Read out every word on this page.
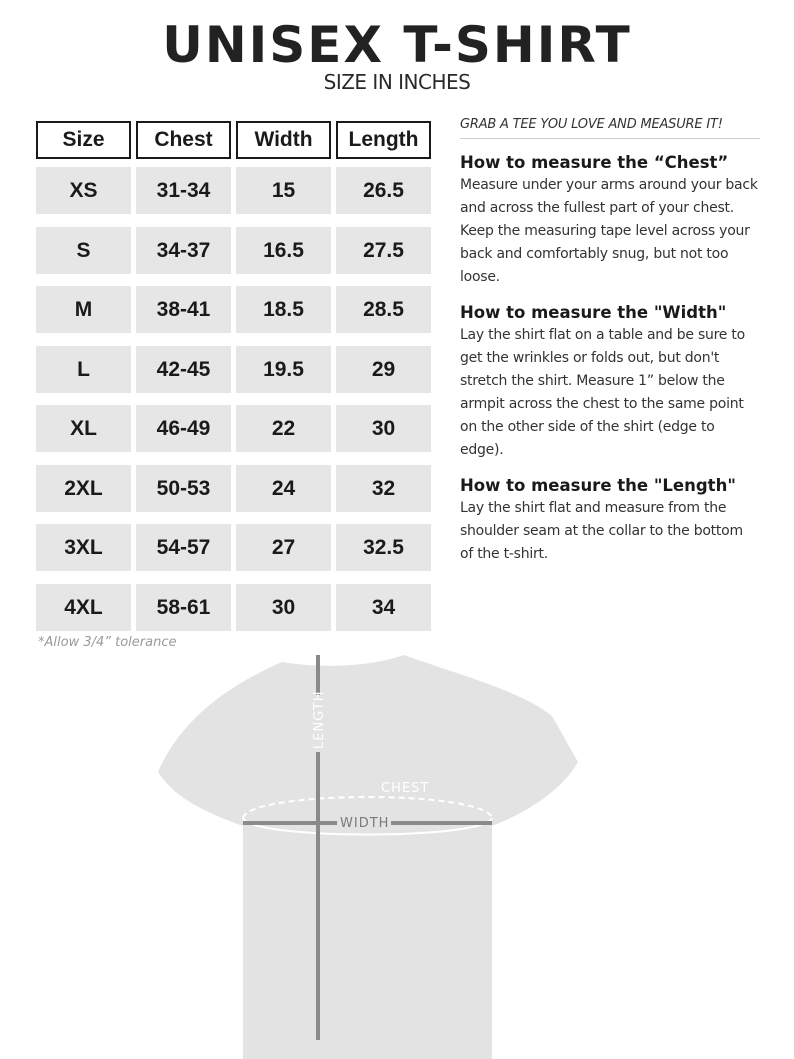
UNISEX T-SHIRT
SIZE IN INCHES
Size	Chest	Width	Length
XS	31-34	15	26.5
S	34-37	16.5	27.5
M	38-41	18.5	28.5
L	42-45	19.5	29
XL	46-49	22	30
2XL	50-53	24	32
3XL	54-57	27	32.5
4XL	58-61	30	34
*Allow 3/4” tolerance
GRAB A TEE YOU LOVE AND MEASURE IT!
How to measure the “Chest”
Measure under your arms around your back and across the fullest part of your chest. Keep the measuring tape level across your back and comfortably snug, but not too loose.
How to measure the "Width"
Lay the shirt flat on a table and be sure to get the wrinkles or folds out, but don't stretch the shirt. Measure 1” below the armpit across the chest to the same point on the other side of the shirt (edge to edge).
How to measure the "Length"
Lay the shirt flat and measure from the shoulder seam at the collar to the bottom of the t-shirt.
LENGTH
CHEST
WIDTH
